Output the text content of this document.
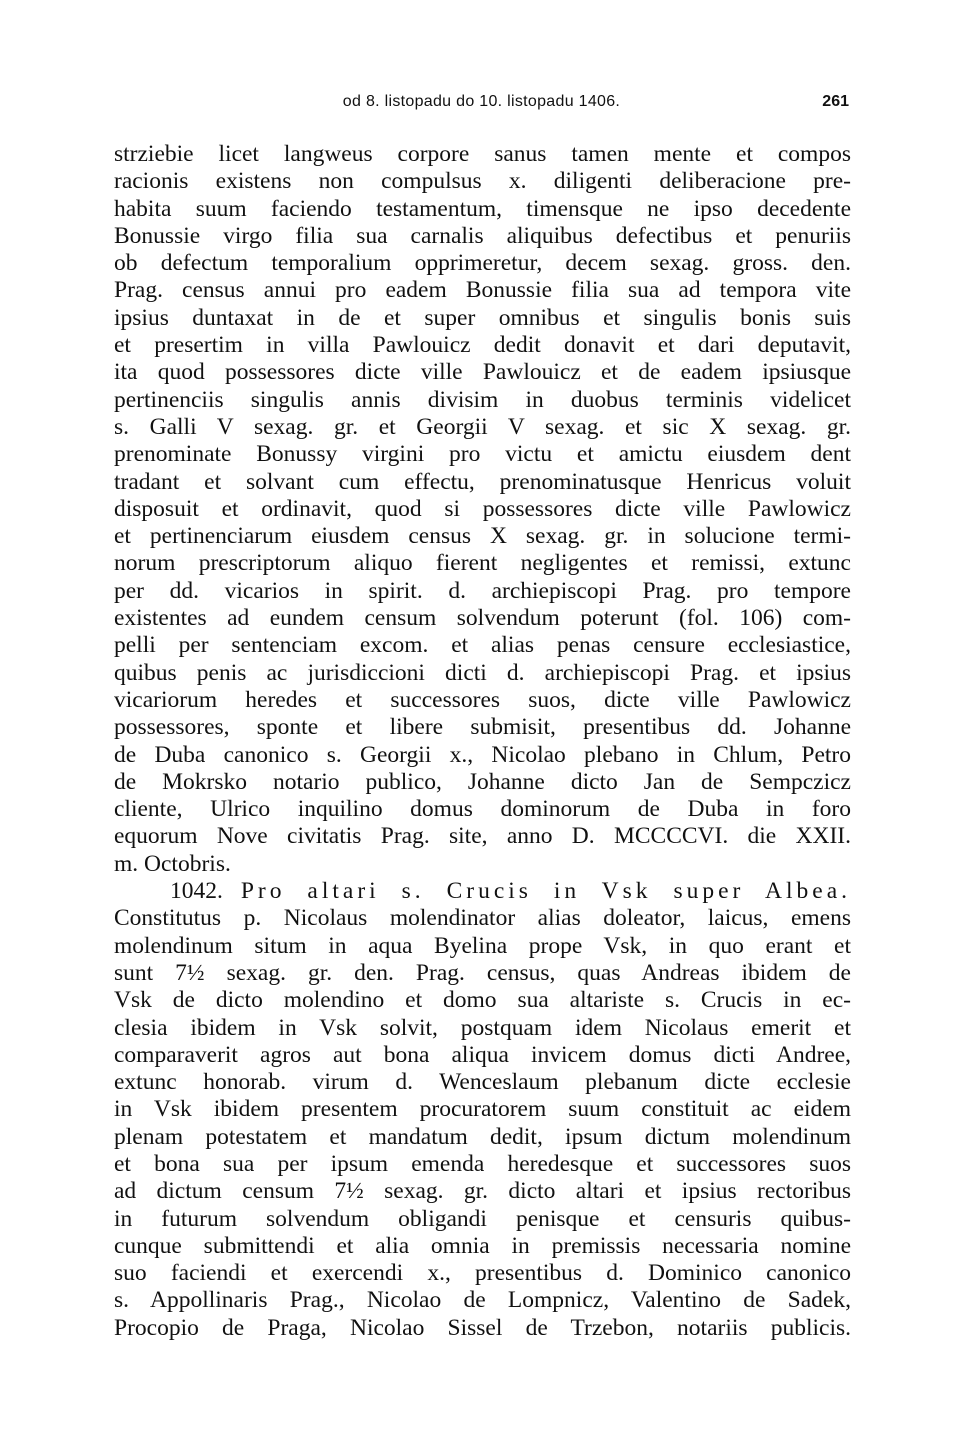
od 8. listopadu do 10. listopadu 1406.	261
strziebie licet langweus corpore sanus tamen mente et compos
racionis existens non compulsus x. diligenti deliberacione pre-
habita suum faciendo testamentum, timensque ne ipso decedente
Bonussie virgo filia sua carnalis aliquibus defectibus et penuriis
ob defectum temporalium opprimeretur, decem sexag. gross. den.
Prag. census annui pro eadem Bonussie filia sua ad tempora vite
ipsius duntaxat in de et super omnibus et singulis bonis suis
et presertim in villa Pawlouicz dedit donavit et dari deputavit,
ita quod possessores dicte ville Pawlouicz et de eadem ipsiusque
pertinenciis singulis annis divisim in duobus terminis videlicet
s. Galli V sexag. gr. et Georgii V sexag. et sic X sexag. gr.
prenominate Bonussy virgini pro victu et amictu eiusdem dent
tradant et solvant cum effectu, prenominatusque Henricus voluit
disposuit et ordinavit, quod si possessores dicte ville Pawlowicz
et pertinenciarum eiusdem census X sexag. gr. in solucione termi-
norum prescriptorum aliquo fierent negligentes et remissi, extunc
per dd. vicarios in spirit. d. archiepiscopi Prag. pro tempore
existentes ad eundem censum solvendum poterunt (fol. 106) com-
pelli per sentenciam excom. et alias penas censure ecclesiastice,
quibus penis ac jurisdiccioni dicti d. archiepiscopi Prag. et ipsius
vicariorum heredes et successores suos, dicte ville Pawlowicz
possessores, sponte et libere submisit, presentibus dd. Johanne
de Duba canonico s. Georgii x., Nicolao plebano in Chlum, Petro
de Mokrsko notario publico, Johanne dicto Jan de Sempczicz
cliente, Ulrico inquilino domus dominorum de Duba in foro
equorum Nove civitatis Prag. site, anno D. MCCCCVI. die XXII.
m. Octobris.
1042. Pro altari s. Crucis in Vsk super Albea.
Constitutus p. Nicolaus molendinator alias doleator, laicus, emens
molendinum situm in aqua Byelina prope Vsk, in quo erant et
sunt 7½ sexag. gr. den. Prag. census, quas Andreas ibidem de
Vsk de dicto molendino et domo sua altariste s. Crucis in ec-
clesia ibidem in Vsk solvit, postquam idem Nicolaus emerit et
comparaverit agros aut bona aliqua invicem domus dicti Andree,
extunc honorab. virum d. Wenceslaum plebanum dicte ecclesie
in Vsk ibidem presentem procuratorem suum constituit ac eidem
plenam potestatem et mandatum dedit, ipsum dictum molendinum
et bona sua per ipsum emenda heredesque et successores suos
ad dictum censum 7½ sexag. gr. dicto altari et ipsius rectoribus
in futurum solvendum obligandi penisque et censuris quibus-
cunque submittendi et alia omnia in premissis necessaria nomine
suo faciendi et exercendi x., presentibus d. Dominico canonico
s. Appollinaris Prag., Nicolao de Lompnicz, Valentino de Sadek,
Procopio de Praga, Nicolao Sissel de Trzebon, notariis publicis.
